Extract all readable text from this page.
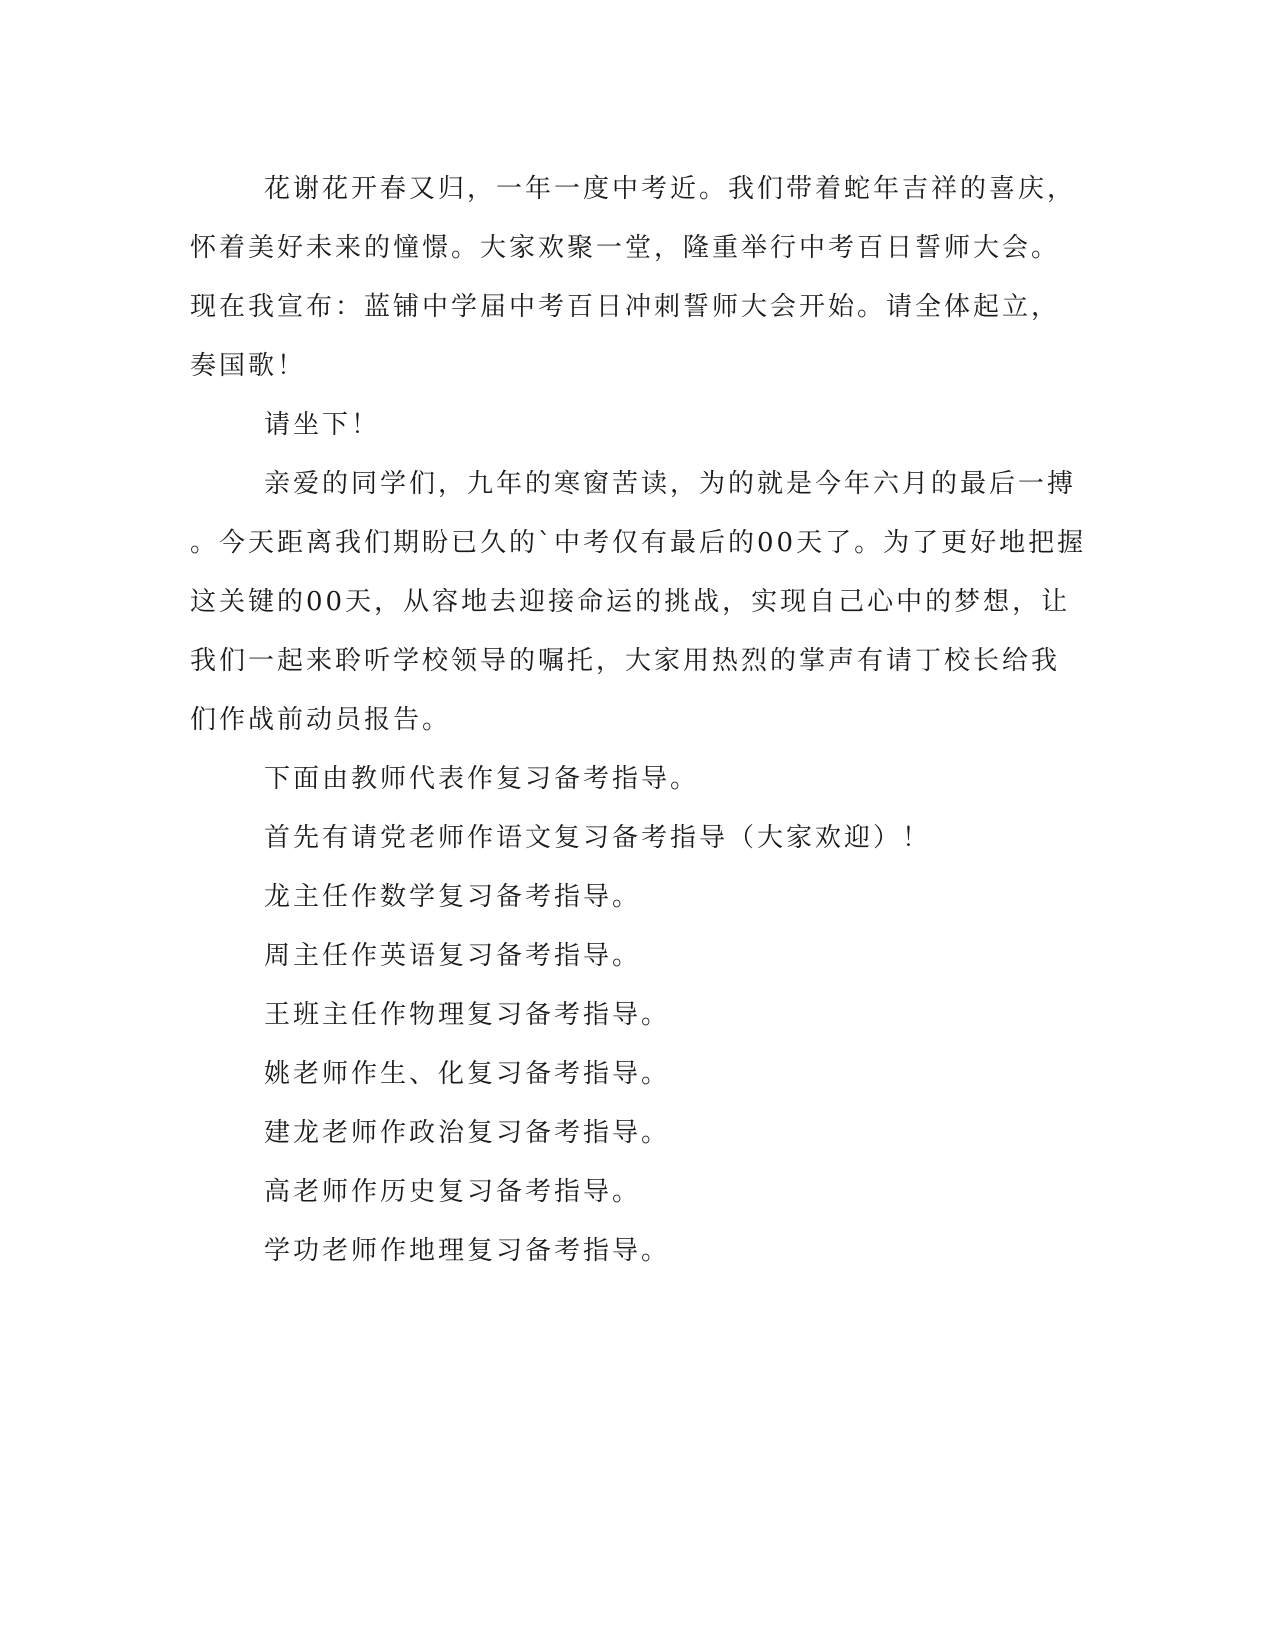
花谢花开春又归，一年一度中考近。我们带着蛇年吉祥的喜庆，
怀着美好未来的憧憬。大家欢聚一堂，隆重举行中考百日誓师大会。
现在我宣布：蓝铺中学届中考百日冲刺誓师大会开始。请全体起立，
奏国歌！
请坐下！
亲爱的同学们，九年的寒窗苦读，为的就是今年六月的最后一搏
。今天距离我们期盼已久的`中考仅有最后的00天了。为了更好地把握
这关键的00天，从容地去迎接命运的挑战，实现自己心中的梦想，让
我们一起来聆听学校领导的嘱托，大家用热烈的掌声有请丁校长给我
们作战前动员报告。
下面由教师代表作复习备考指导。
首先有请党老师作语文复习备考指导（大家欢迎）！
龙主任作数学复习备考指导。
周主任作英语复习备考指导。
王班主任作物理复习备考指导。
姚老师作生、化复习备考指导。
建龙老师作政治复习备考指导。
高老师作历史复习备考指导。
学功老师作地理复习备考指导。
